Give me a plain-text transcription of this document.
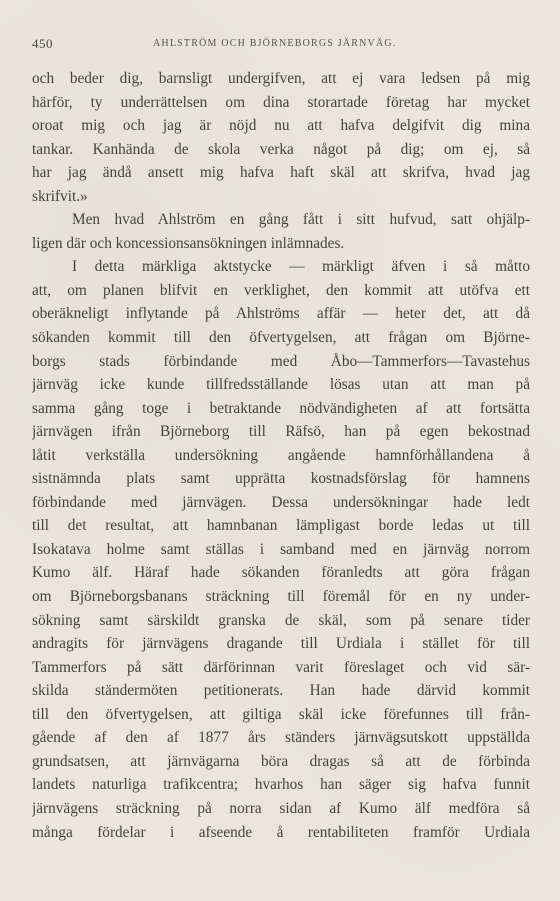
450	AHLSTRÖM OCH BJÖRNEBORGS JÄRNVÄG.

och beder dig, barnsligt undergifven, att ej vara ledsen på mig

härför, ty underrättelsen om dina storartade företag har mycket

oroat mig och jag är nöjd nu att hafva delgifvit dig mina

tankar. Kanhända de skola verka något på dig; om ej, så

har jag ändå ansett mig hafva haft skäl att skrifva, hvad jag

skrifvit.»

Men hvad Ahlström en gång fått i sitt hufvud, satt ohjälp-

ligen där och koncessionsansökningen inlämnades.

I detta märkliga aktstycke — märkligt äfven i så måtto

att, om planen blifvit en verklighet, den kommit att utöfva ett

oberäkneligt inflytande på Ahlströms affär — heter det, att då

sökanden kommit till den öfvertygelsen, att frågan om Björne-

borgs stads förbindande med Åbo—Tammerfors—Tavastehus

järnväg icke kunde tillfredsställande lösas utan att man på

samma gång toge i betraktande nödvändigheten af att fortsätta

järnvägen ifrån Björneborg till Räfsö, han på egen bekostnad

låtit verkställa undersökning angående hamnförhållandena å

sistnämnda plats samt upprätta kostnadsförslag för hamnens

förbindande med järnvägen. Dessa undersökningar hade ledt

till det resultat, att hamnbanan lämpligast borde ledas ut till

Isokatava holme samt ställas i samband med en järnväg norrom

Kumo älf. Häraf hade sökanden föranledts att göra frågan

om Björneborgsbanans sträckning till föremål för en ny under-

sökning samt särskildt granska de skäl, som på senare tider

andragits för järnvägens dragande till Urdiala i stället för till

Tammerfors på sätt därförinnan varit föreslaget och vid sär-

skilda ständermöten petitionerats. Han hade därvid kommit

till den öfvertygelsen, att giltiga skäl icke förefunnes till från-

gående af den af 1877 års ständers järnvägsutskott uppställda

grundsatsen, att järnvägarna böra dragas så att de förbinda

landets naturliga trafikcentra; hvarhos han säger sig hafva funnit

järnvägens sträckning på norra sidan af Kumo älf medföra så

många fördelar i afseende å rentabiliteten framför Urdiala
